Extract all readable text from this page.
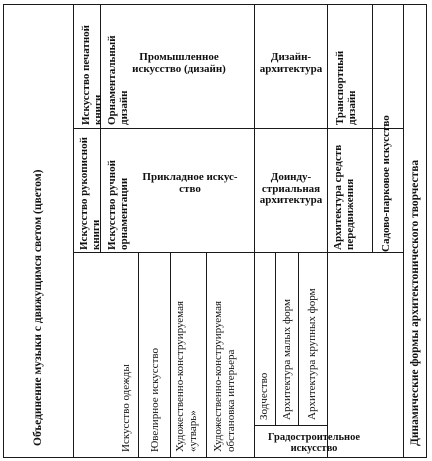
Объединение музыки с движущимся светом (цветом)	Динамические формы архитектонического творчества
Искусство печатной книги Орнаментальный дизайн
Промышленное
искусство (дизайн)
Дизайн-
архитектура	Транспортный дизайн
Искусство рукописной книги Искусство ручной орнаментации
Прикладное искус-
ство
Доинду-
стриальная
архитектура Архитектура средств передвижения Садово-парковое искусство
Искусство одежды Ювелирное искусство Художественно-конструируемая «утварь» Художественно-конструируемая обстановка интерьера Зодчество Архитектура малых форм Архитектура крупных форм
Градостроительное
искусство
